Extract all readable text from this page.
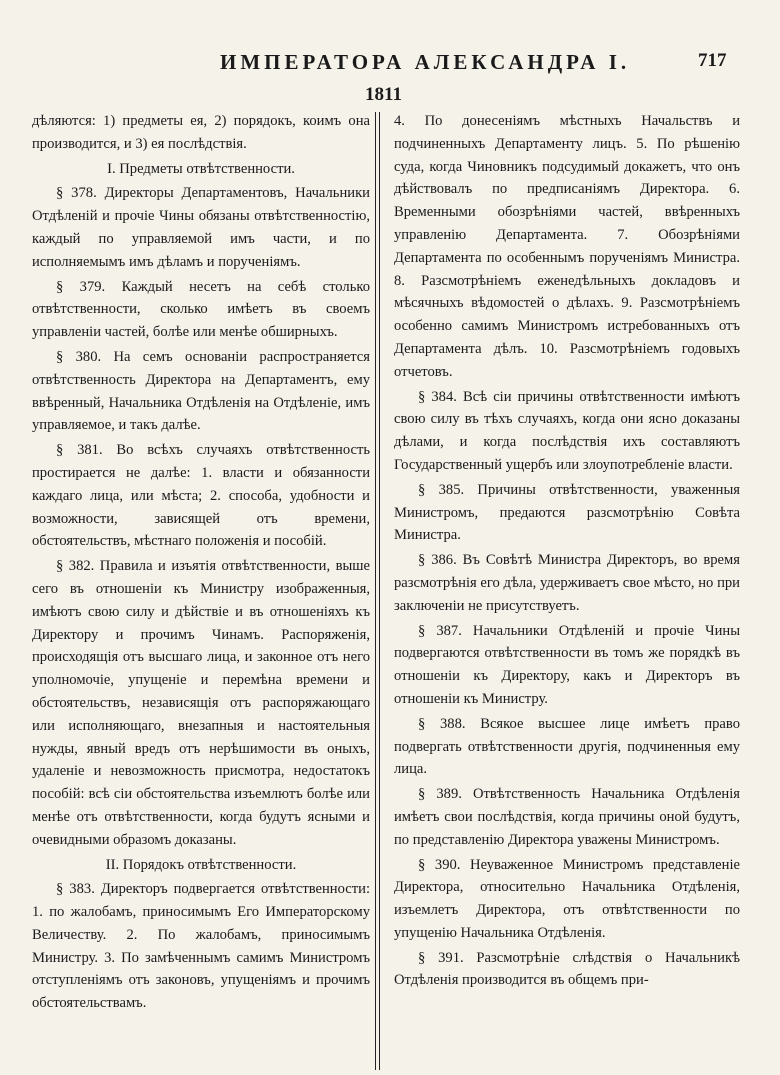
ИМПЕРАТОРА АЛЕКСАНДРА I.	717
1811

дѣляются: 1) предметы ея, 2) порядокъ, коимъ она производится, и 3) ея послѣдствія.

I. Предметы отвѣтственности.

§ 378. Директоры Департаментовъ, Начальники Отдѣленій и прочіе Чины обязаны отвѣтственностію, каждый по управляемой имъ части, и по исполняемымъ имъ дѣламъ и порученіямъ.

§ 379. Каждый несетъ на себѣ столько отвѣтственности, сколько имѣетъ въ своемъ управленіи частей, болѣе или менѣе обширныхъ.

§ 380. На семъ основаніи распространяется отвѣтственность Директора на Департаментъ, ему ввѣренный, Начальника Отдѣленія на Отдѣленіе, имъ управляемое, и такъ далѣе.

§ 381. Во всѣхъ случаяхъ отвѣтственность простирается не далѣе: 1. власти и обязанности каждаго лица, или мѣста; 2. способа, удобности и возможности, зависящей отъ времени, обстоятельствъ, мѣстнаго положенія и пособій.

§ 382. Правила и изъятія отвѣтственности, выше сего въ отношеніи къ Министру изображенныя, имѣютъ свою силу и дѣйствіе и въ отношеніяхъ къ Директору и прочимъ Чинамъ. Распоряженія, происходящія отъ высшаго лица, и законное отъ него уполномочіе, упущеніе и перемѣна времени и обстоятельствъ, независящія отъ распоряжающаго или исполняющаго, внезапныя и настоятельныя нужды, явный вредъ отъ нерѣшимости въ оныхъ, удаленіе и невозможность присмотра, недостатокъ пособій: всѣ сіи обстоятельства изъемлютъ болѣе или менѣе отъ отвѣтственности, когда будутъ ясными и очевидными образомъ доказаны.

II. Порядокъ отвѣтственности.

§ 383. Директоръ подвергается отвѣтственности: 1. по жалобамъ, приносимымъ Его Императорскому Величеству. 2. По жалобамъ, приносимымъ Министру. 3. По замѣченнымъ самимъ Министромъ отступленіямъ отъ законовъ, упущеніямъ и прочимъ обстоятельствамъ.

4. По донесеніямъ мѣстныхъ Начальствъ и подчиненныхъ Департаменту лицъ. 5. По рѣшенію суда, когда Чиновникъ подсудимый докажетъ, что онъ дѣйствовалъ по предписаніямъ Директора. 6. Временными обозрѣніями частей, ввѣренныхъ управленію Департамента. 7. Обозрѣніями Департамента по особеннымъ порученіямъ Министра. 8. Разсмотрѣніемъ еженедѣльныхъ докладовъ и мѣсячныхъ вѣдомостей о дѣлахъ. 9. Разсмотрѣніемъ особенно самимъ Министромъ истребованныхъ отъ Департамента дѣлъ. 10. Разсмотрѣніемъ годовыхъ отчетовъ.

§ 384. Всѣ сіи причины отвѣтственности имѣютъ свою силу въ тѣхъ случаяхъ, когда они ясно доказаны дѣлами, и когда послѣдствія ихъ составляютъ Государственный ущербъ или злоупотребленіе власти.

§ 385. Причины отвѣтственности, уваженныя Министромъ, предаются разсмотрѣнію Совѣта Министра.

§ 386. Въ Совѣтѣ Министра Директоръ, во время разсмотрѣнія его дѣла, удерживаетъ свое мѣсто, но при заключеніи не присутствуетъ.

§ 387. Начальники Отдѣленій и прочіе Чины подвергаются отвѣтственности въ томъ же порядкѣ въ отношеніи къ Директору, какъ и Директоръ въ отношеніи къ Министру.

§ 388. Всякое высшее лице имѣетъ право подвергать отвѣтственности другія, подчиненныя ему лица.

§ 389. Отвѣтственность Начальника Отдѣленія имѣетъ свои послѣдствія, когда причины оной будутъ, по представленію Директора уважены Министромъ.

§ 390. Неуваженное Министромъ представленіе Директора, относительно Начальника Отдѣленія, изъемлетъ Директора, отъ отвѣтственности по упущенію Начальника Отдѣленія.

§ 391. Разсмотрѣніе слѣдствія о Начальникѣ Отдѣленія производится въ общемъ при-
